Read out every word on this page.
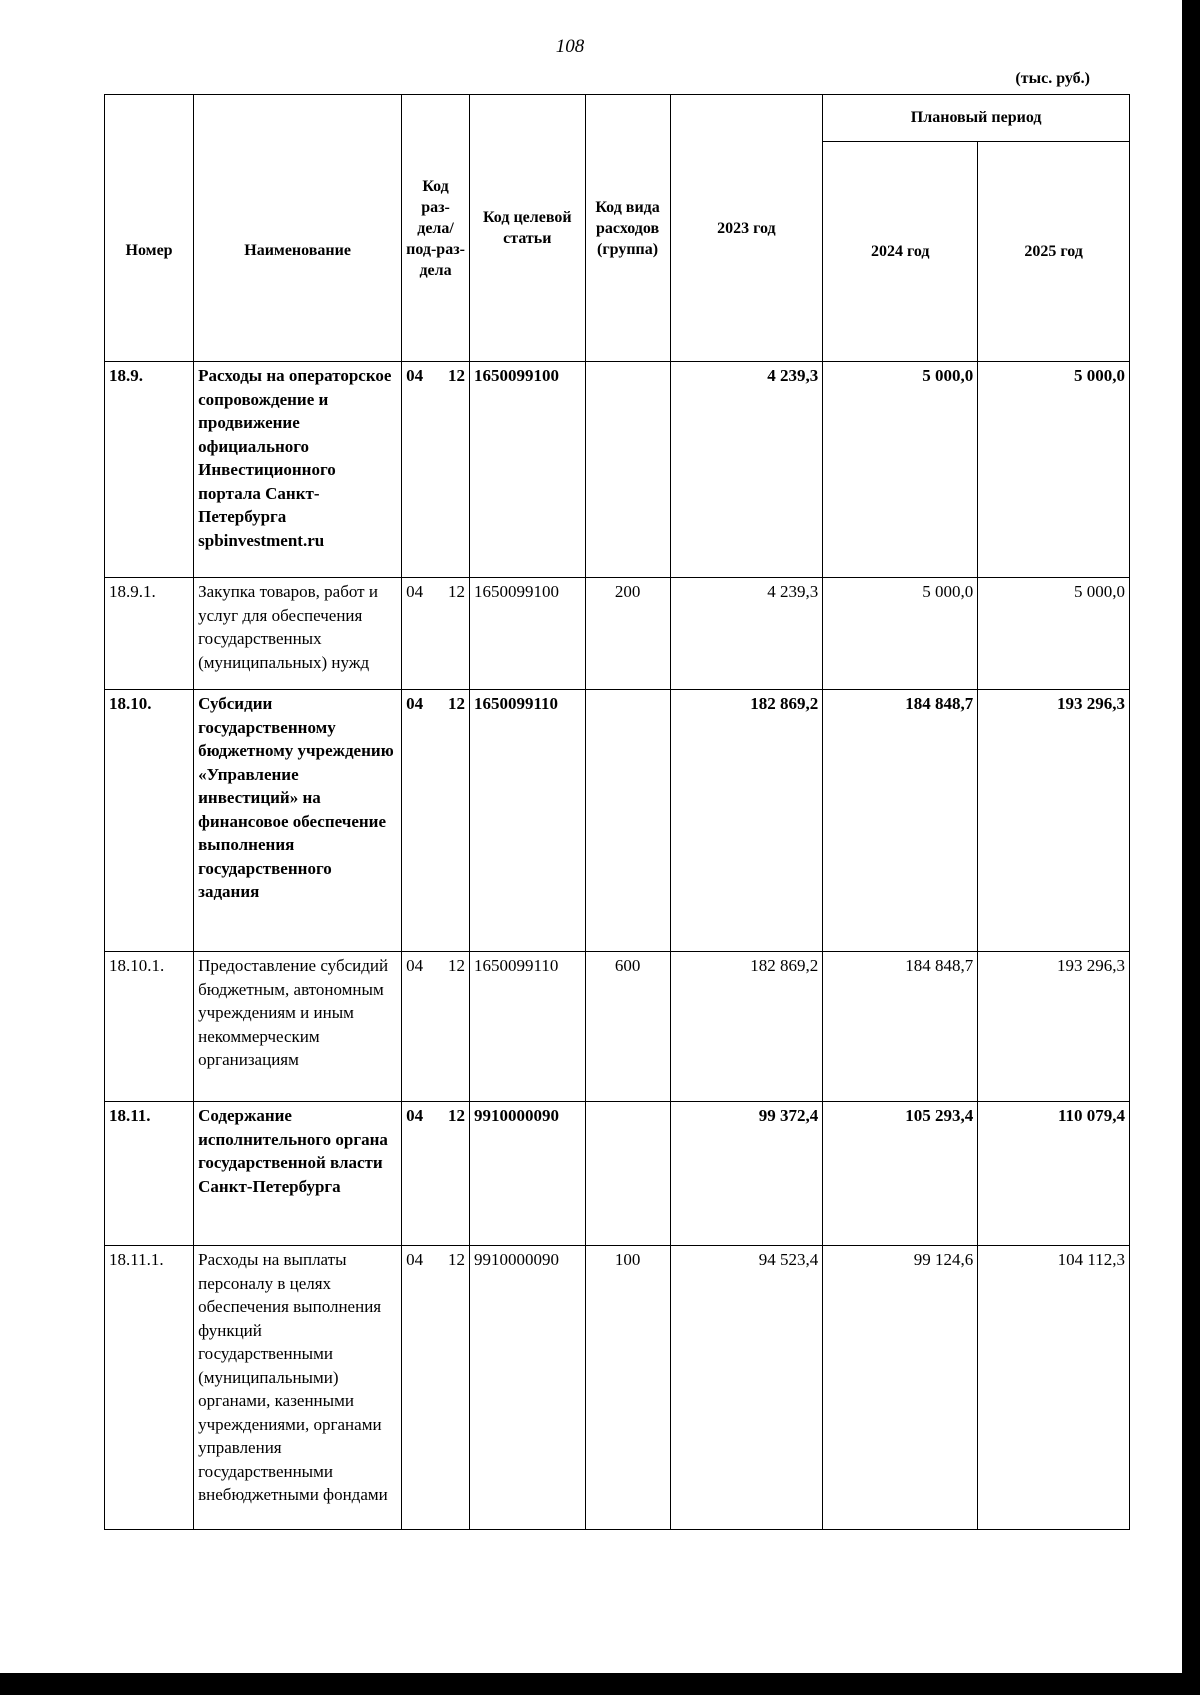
108
(тыс. руб.)
Номер	Наименование	Код раз-дела/ под-раз-дела	Код целевой статьи	Код вида расходов (группа)	2023 год	Плановый период	
						2024 год	2025 год
18.9.	Расходы на операторское сопровождение и продвижение официального Инвестиционного портала Санкт-Петербурга spbinvestment.ru	04 12	1650099100		4 239,3	5 000,0	5 000,0
18.9.1.	Закупка товаров, работ и услуг для обеспечения государственных (муниципальных) нужд	04 12	1650099100	200	4 239,3	5 000,0	5 000,0
18.10.	Субсидии государственному бюджетному учреждению «Управление инвестиций» на финансовое обеспечение выполнения государственного задания	04 12	1650099110		182 869,2	184 848,7	193 296,3
18.10.1.	Предоставление субсидий бюджетным, автономным учреждениям и иным некоммерческим организациям	04 12	1650099110	600	182 869,2	184 848,7	193 296,3
18.11.	Содержание исполнительного органа государственной власти Санкт-Петербурга	04 12	9910000090		99 372,4	105 293,4	110 079,4
18.11.1.	Расходы на выплаты персоналу в целях обеспечения выполнения функций государственными (муниципальными) органами, казенными учреждениями, органами управления государственными внебюджетными фондами	04 12	9910000090	100	94 523,4	99 124,6	104 112,3
